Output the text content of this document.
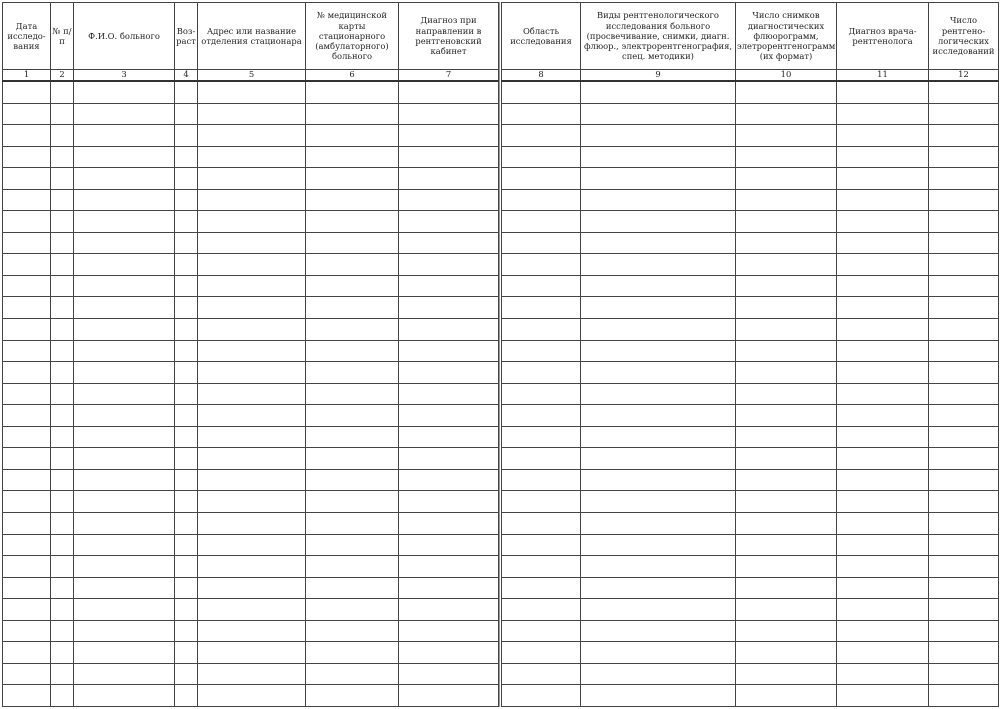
Дата исследо-вания	№ п/п	Ф.И.О. больного	Воз-раст	Адрес или название отделения стационара	№ медицинской карты стационарного (амбулаторного) больного	Диагноз при направлении в рентгеновский кабинет
1	2	3	4	5	6	7

Область исследования	Виды рентгенологического исследования больного (просвечивание, снимки, диагн. флюор., электрорентгенография, спец. методики)	Число снимков диагностических флюорограмм, элетрорентгенограмм (их формат)	Диагноз врача-рентгенолога	Число рентгено-логических исследований
8	9	10	11	12
